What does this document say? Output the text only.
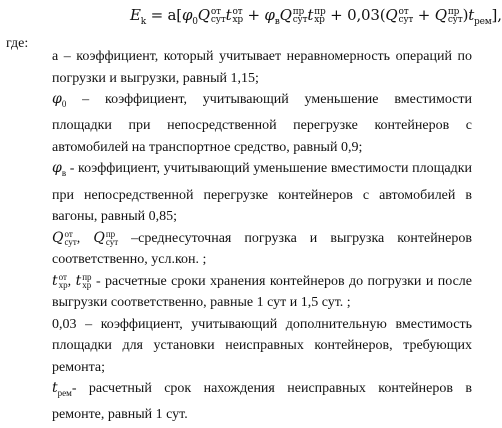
$E_k = a[\varphi_0Q$ от
сут t от
хр + $\varphi_вQ$ пр
сут t пр
хр + 0,03(Q от
сут + Q пр
сут )$t_{рем}$],
где:

a – коэффициент, который учитывает неравномерность операций по погрузки и выгрузки, равный 1,15;

$\varphi_0$ – коэффициент, учитывающий уменьшение вместимости площадки при непосредственной перегрузке контейнеров с автомобилей на транспортное средство, равный 0,9;

$\varphi_в$ - коэффициент, учитывающий уменьшение вместимости площадки при непосредственной перегрузке контейнеров с автомобилей в вагоны, равный 0,85;

Q от
сут , Q пр
сут –среднесуточная погрузка и выгрузка контейнеров соответственно, усл.кон. ;

t от
хр , t пр
хр - расчетные сроки хранения контейнеров до погрузки и после выгрузки соответственно, равные 1 сут и 1,5 сут. ;

0,03 – коэффициент, учитывающий дополнительную вместимость площадки для установки неисправных контейнеров, требующих ремонта;

$t_{рем}-$ расчетный срок нахождения неисправных контейнеров в ремонте, равный 1 сут.
